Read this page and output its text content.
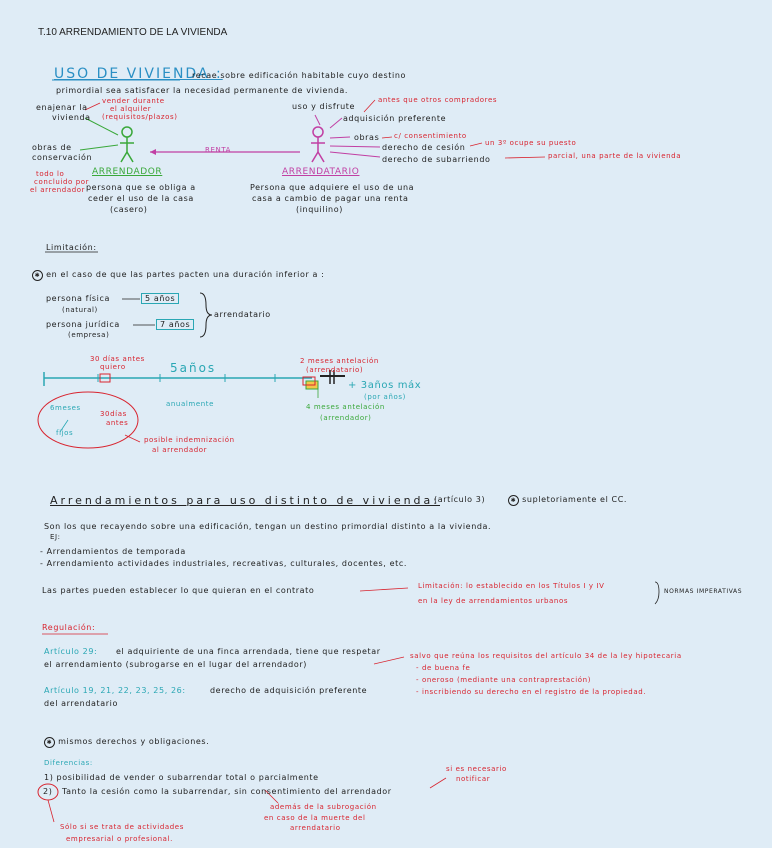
T.10 ARRENDAMIENTO DE LA VIVIENDA
USO DE VIVIENDA :
recae sobre edificación habitable cuyo destino
primordial sea satisfacer la necesidad permanente de vivienda.
enajenar la
vivienda
vender durante
el alquiler
(requisitos/plazos)
obras de
conservación
todo lo
concluido por
el arrendador
ARRENDADOR
persona que se obliga a
ceder el uso de la casa
(casero)
RENTA
ARRENDATARIO
Persona que adquiere el uso de una
casa a cambio de pagar una renta
(inquilino)
uso y disfrute
adquisición preferente
obras
derecho de cesión
derecho de subarriendo
antes que otros compradores
c/ consentimiento
un 3º ocupe su puesto
parcial, una parte de la vivienda
Limitación:
✱ en el caso de que las partes pacten una duración inferior a :
persona física
(natural)
5 años
persona jurídica
(empresa)
7 años
arrendatario
30 días antes
quiero	5años	2 meses antelación
(arrendatario)
+ 3años máx
(por años)
4 meses antelación
(arrendador)
anualmente
6meses
fijos
30días
antes
posible indemnización
al arrendador
Arrendamientos para uso distinto de vivienda:
(artículo 3)	✱ supletoriamente el CC.
Son los que recayendo sobre una edificación, tengan un destino primordial distinto a la vivienda.
EJ:
- Arrendamientos de temporada
- Arrendamiento actividades industriales, recreativas, culturales, docentes, etc.
Las partes pueden establecer lo que quieran en el contrato	Limitación: lo establecido en los Títulos I y IV
en la ley de arrendamientos urbanos
NORMAS IMPERATIVAS
Regulación:
Artículo 29: el adquiriente de una finca arrendada, tiene que respetar
el arrendamiento (subrogarse en el lugar del arrendador)
salvo que reúna los requisitos del artículo 34 de la ley hipotecaria
- de buena fe
- oneroso (mediante una contraprestación)
- inscribiendo su derecho en el registro de la propiedad.
Artículo 19, 21, 22, 23, 25, 26:	derecho de adquisición preferente
del arrendatario
✱ mismos derechos y obligaciones.
Diferencias:
1) posibilidad de vender o subarrendar total o parcialmente
2) Tanto la cesión como la subarrendar, sin consentimiento del arrendador
si es necesario
notificar
además de la subrogación
en caso de la muerte del
arrendatario
Sólo si se trata de actividades
empresarial o profesional.
